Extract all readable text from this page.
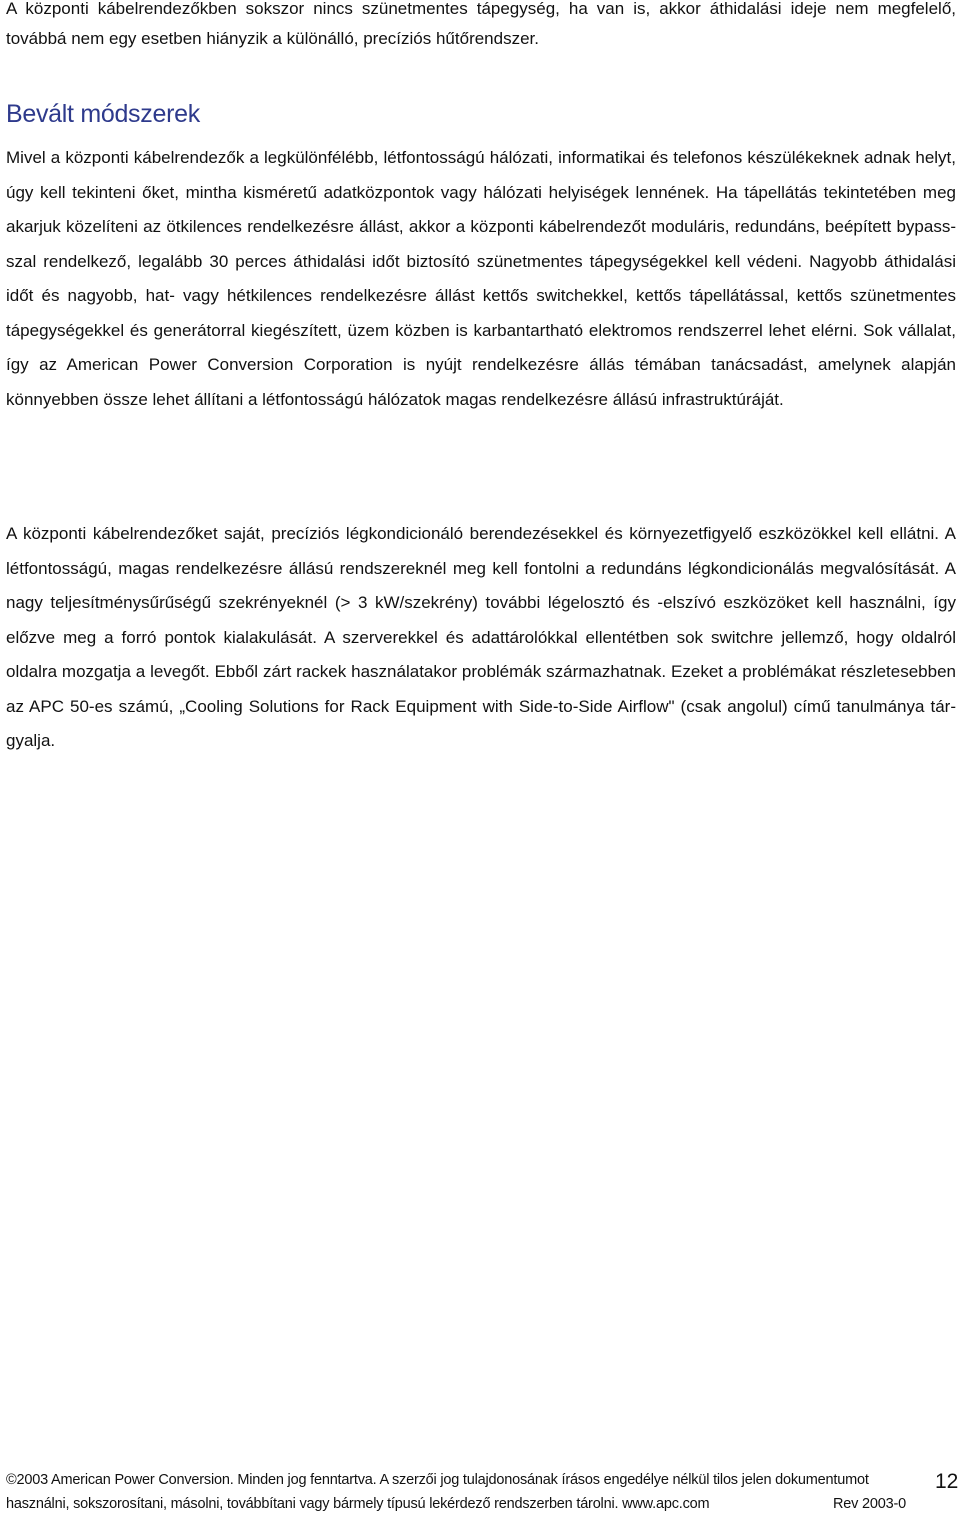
A központi kábelrendezőkben sokszor nincs szünetmentes tápegység, ha van is, akkor áthidalási ideje nem megfelelő, továbbá nem egy esetben hiányzik a különálló, precíziós hűtőrendszer.

Bevált módszerek

Mivel a központi kábelrendezők a legkülönfélébb, létfontosságú hálózati, informatikai és telefonos készülékeknek adnak helyt, úgy kell tekinteni őket, mintha kisméretű adatközpontok vagy hálózati helyiségek lennének. Ha tápellátás tekintetében meg akarjuk közelíteni az ötkilences rendelkezésre állást, akkor a központi kábelrendezőt moduláris, redundáns, beépített bypass-szal rendelkező, legalább 30 perces áthidalási időt biztosító szünetmentes tápegységekkel kell védeni. Nagyobb áthidalási időt és nagyobb, hat- vagy hétkilences rendelkezésre állást kettős switchekkel, kettős tápellátással, kettős szünetmentes tápegységekkel és generátorral kiegészített, üzem közben is karbantartható elektromos rendszerrel lehet elérni. Sok vállalat, így az American Power Conversion Corporation is nyújt rendelkezésre állás témában tanácsadást, amelynek alapján könnyebben össze lehet állítani a létfontosságú hálózatok magas rendelkezésre állású infrastruktúráját.

A központi kábelrendezőket saját, precíziós légkondicionáló berendezésekkel és környezetfigyelő eszközökkel kell ellátni. A létfontosságú, magas rendelkezésre állású rendszereknél meg kell fontolni a redundáns légkondicionálás megvalósítását. A nagy teljesítménysűrűségű szekrényeknél (> 3 kW/szekrény) további légelosztó és -elszívó eszközöket kell használni, így előzve meg a forró pontok kialakulását. A szerverekkel és adattárolókkal ellentétben sok switchre jellemző, hogy oldalról oldalra mozgatja a levegőt. Ebből zárt rackek használatakor problémák származhatnak. Ezeket a problémákat részletesebben az APC 50-es számú, „Cooling Solutions for Rack Equipment with Side-to-Side Airflow" (csak angolul) című tanulmánya tárgyalja.

©2003 American Power Conversion. Minden jog fenntartva. A szerzői jog tulajdonosának írásos engedélye nélkül tilos jelen dokumentumot
használni, sokszorosítani, másolni, továbbítani vagy bármely típusú lekérdező rendszerben tárolni. www.apc.com	Rev 2003-0
12
